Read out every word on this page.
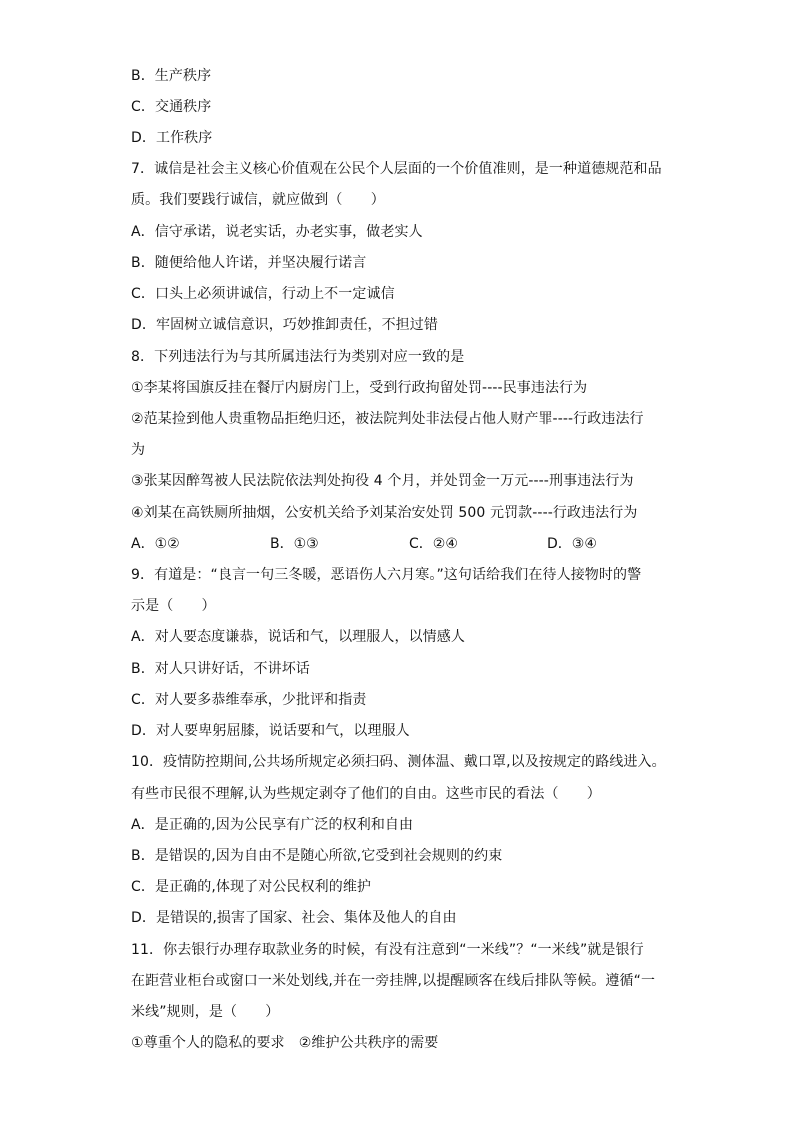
B．生产秩序
C．交通秩序
D．工作秩序
7．诚信是社会主义核心价值观在公民个人层面的一个价值准则，是一种道德规范和品
质。我们要践行诚信，就应做到（　　）
A．信守承诺，说老实话，办老实事，做老实人
B．随便给他人许诺，并坚决履行诺言
C．口头上必须讲诚信，行动上不一定诚信
D．牢固树立诚信意识，巧妙推卸责任，不担过错
8．下列违法行为与其所属违法行为类别对应一致的是
①李某将国旗反挂在餐厅内厨房门上，受到行政拘留处罚----民事违法行为
②范某捡到他人贵重物品拒绝归还，被法院判处非法侵占他人财产罪----行政违法行
为
③张某因醉驾被人民法院依法判处拘役 4 个月，并处罚金一万元----刑事违法行为
④刘某在高铁厕所抽烟，公安机关给予刘某治安处罚 500 元罚款----行政违法行为
A．①②	B．①③	C．②④	D．③④
9．有道是：“良言一句三冬暖，恶语伤人六月寒。”这句话给我们在待人接物时的警
示是（　　）
A．对人要态度谦恭，说话和气，以理服人，以情感人
B．对人只讲好话，不讲坏话
C．对人要多恭维奉承，少批评和指责
D．对人要卑躬屈膝，说话要和气，以理服人
10．疫情防控期间,公共场所规定必须扫码、测体温、戴口罩,以及按规定的路线进入。
有些市民很不理解,认为些规定剥夺了他们的自由。这些市民的看法（　　）
A．是正确的,因为公民享有广泛的权利和自由
B．是错误的,因为自由不是随心所欲,它受到社会规则的约束
C．是正确的,体现了对公民权利的维护
D．是错误的,损害了国家、社会、集体及他人的自由
11．你去银行办理存取款业务的时候，有没有注意到“一米线”？“一米线”就是银行
在距营业柜台或窗口一米处划线,并在一旁挂牌,以提醒顾客在线后排队等候。遵循“一
米线”规则，是（　　）
①尊重个人的隐私的要求　②维护公共秩序的需要
